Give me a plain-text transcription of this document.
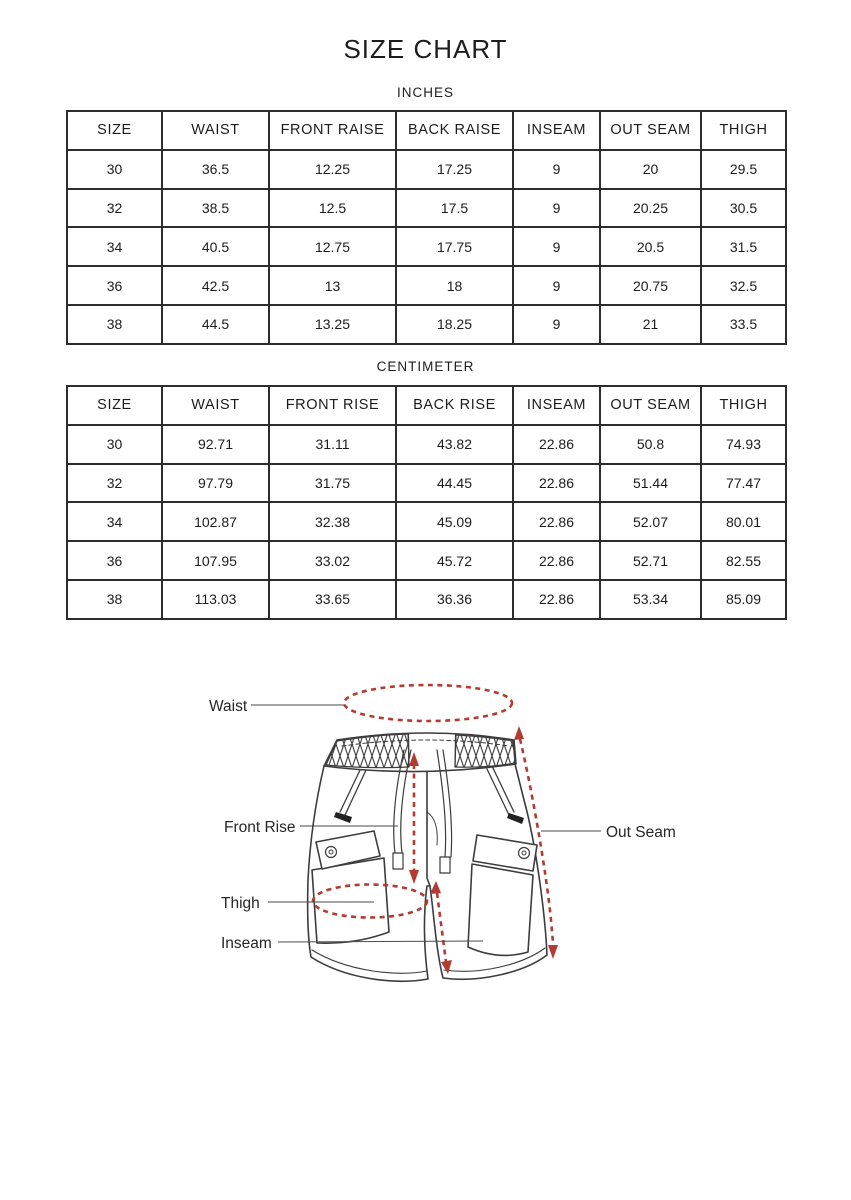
SIZE CHART
INCHES
SIZE	WAIST	FRONT RAISE	BACK RAISE	INSEAM	OUT SEAM	THIGH
30	36.5	12.25	17.25	9	20	29.5
32	38.5	12.5	17.5	9	20.25	30.5
34	40.5	12.75	17.75	9	20.5	31.5
36	42.5	13	18	9	20.75	32.5
38	44.5	13.25	18.25	9	21	33.5
CENTIMETER
SIZE	WAIST	FRONT RISE	BACK RISE	INSEAM	OUT SEAM	THIGH
30	92.71	31.11	43.82	22.86	50.8	74.93
32	97.79	31.75	44.45	22.86	51.44	77.47
34	102.87	32.38	45.09	22.86	52.07	80.01
36	107.95	33.02	45.72	22.86	52.71	82.55
38	113.03	33.65	36.36	22.86	53.34	85.09
Waist
Front Rise	Out Seam
Thigh
Inseam
